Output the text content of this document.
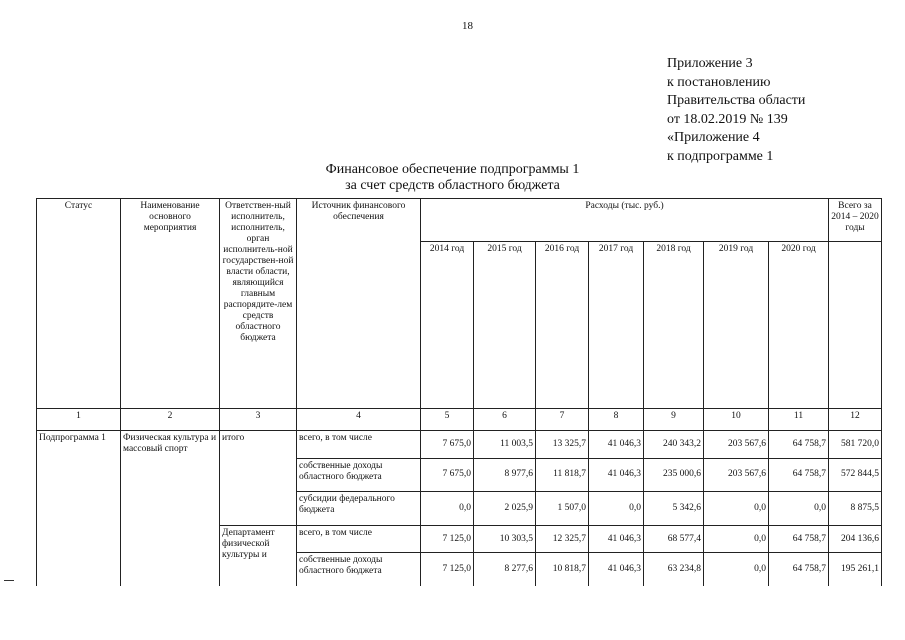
18
Приложение 3
к постановлению
Правительства области
от 18.02.2019 № 139
«Приложение 4
к подпрограмме 1
Финансовое обеспечение подпрограммы 1
за счет средств областного бюджета
Статус	Наименование основного мероприятия	Ответствен-ный исполнитель, исполнитель, орган исполнитель-ной государствен-ной власти области, являющийся главным распорядите-лем средств областного бюджета	Источник финансового обеспечения	Расходы (тыс. руб.)							Всего за 2014 – 2020 годы
				2014 год	2015 год	2016 год	2017 год	2018 год	2019 год	2020 год	
1	2	3	4	5	6	7	8	9	10	11	12
Подпрограмма 1	Физическая культура и массовый спорт	итого	всего, в том числе	7 675,0	11 003,5	13 325,7	41 046,3	240 343,2	203 567,6	64 758,7	581 720,0
			собственные доходы областного бюджета	7 675,0	8 977,6	11 818,7	41 046,3	235 000,6	203 567,6	64 758,7	572 844,5
			субсидии федерального бюджета	0,0	2 025,9	1 507,0	0,0	5 342,6	0,0	0,0	8 875,5
		Департамент физической культуры и	всего, в том числе	7 125,0	10 303,5	12 325,7	41 046,3	68 577,4	0,0	64 758,7	204 136,6
			собственные доходы областного бюджета	7 125,0	8 277,6	10 818,7	41 046,3	63 234,8	0,0	64 758,7	195 261,1
